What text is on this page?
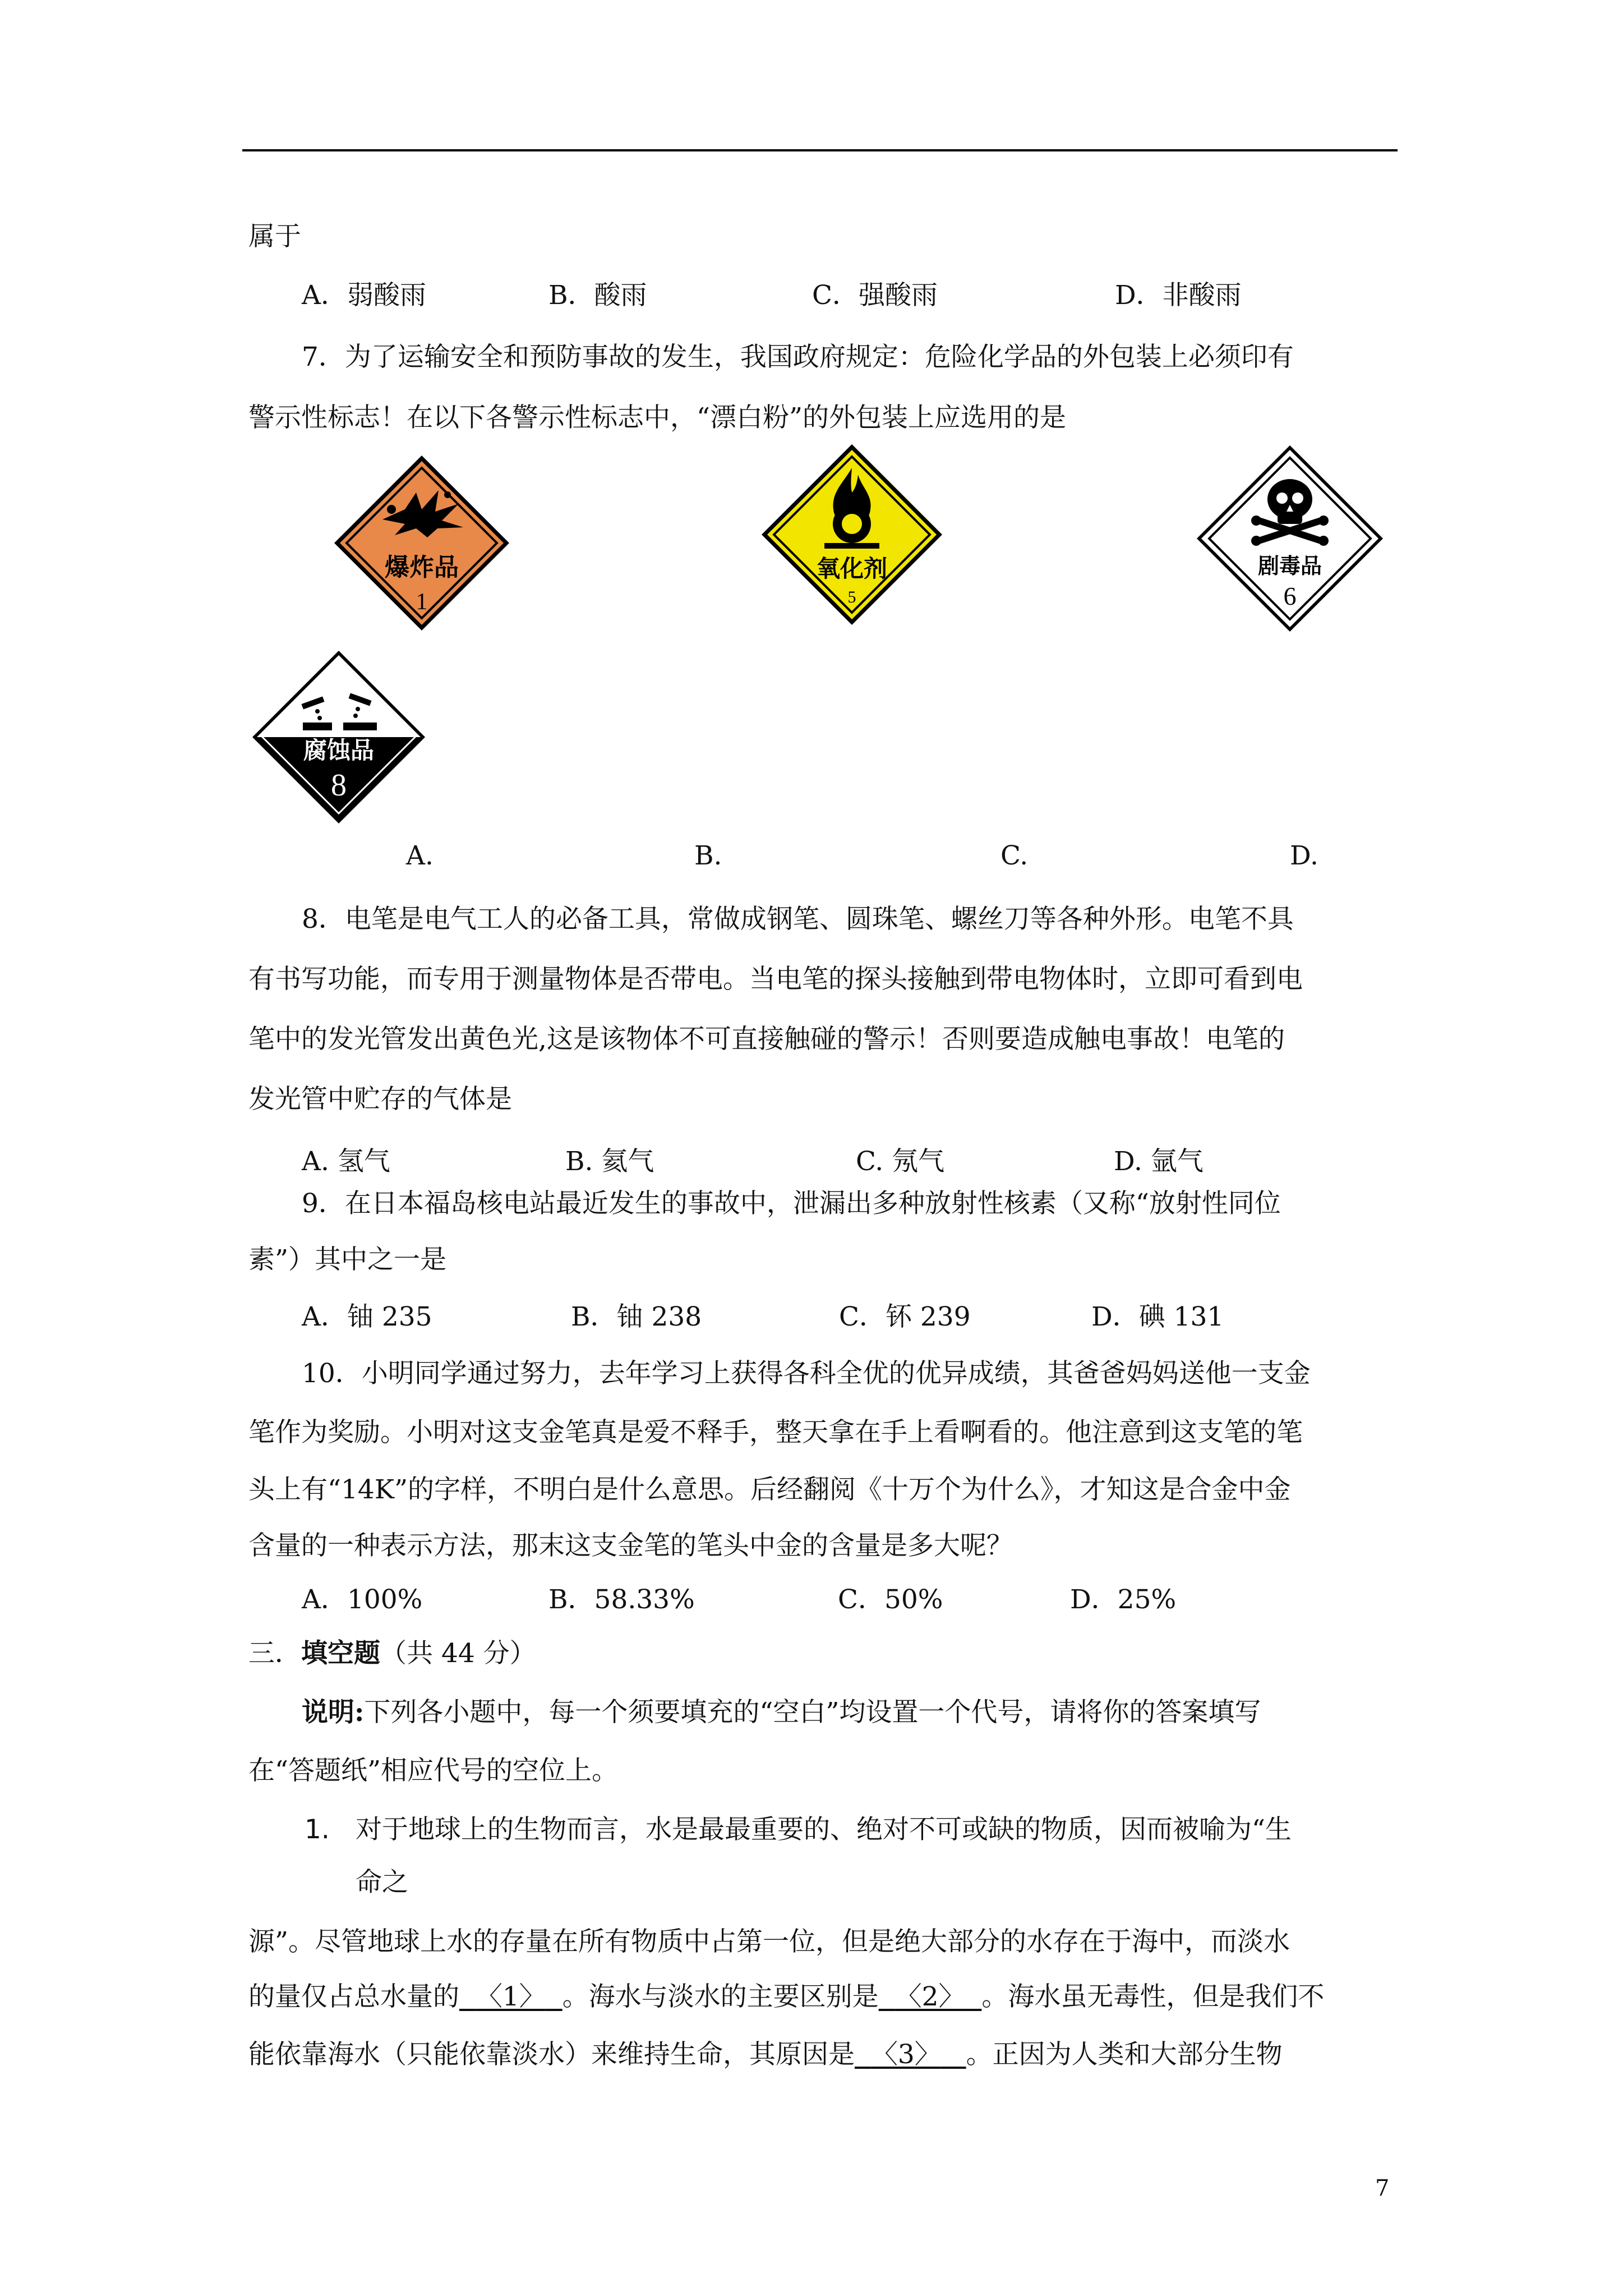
属于
A．弱酸雨	B．酸雨	C．强酸雨	D．非酸雨
7．为了运输安全和预防事故的发生，我国政府规定：危险化学品的外包装上必须印有
警示性标志！在以下各警示性标志中，“漂白粉”的外包装上应选用的是
爆炸品
1
氧化剂
5
剧毒品
6
腐蚀品
8
A.	B.	C.	D.
8．电笔是电气工人的必备工具，常做成钢笔、圆珠笔、螺丝刀等各种外形。电笔不具
有书写功能，而专用于测量物体是否带电。当电笔的探头接触到带电物体时，立即可看到电
笔中的发光管发出黄色光,这是该物体不可直接触碰的警示！否则要造成触电事故！电笔的
发光管中贮存的气体是
A. 氢气	B. 氦气	C. 氖气	D. 氩气
9．在日本福岛核电站最近发生的事故中，泄漏出多种放射性核素（又称“放射性同位
素”）其中之一是
A．铀 235	B．铀 238	C．钚 239	D．碘 131
10．小明同学通过努力，去年学习上获得各科全优的优异成绩，其爸爸妈妈送他一支金
笔作为奖励。小明对这支金笔真是爱不释手，整天拿在手上看啊看的。他注意到这支笔的笔
头上有“14K”的字样，不明白是什么意思。后经翻阅《十万个为什么》，才知这是合金中金
含量的一种表示方法，那末这支金笔的笔头中金的含量是多大呢？
A．100%	B．58.33%	C．50%	D．25%
三．填空题（共 44 分）
说明:下列各小题中，每一个须要填充的“空白”均设置一个代号，请将你的答案填写
在“答题纸”相应代号的空位上。
1. 对于地球上的生物而言，水是最最重要的、绝对不可或缺的物质，因而被喻为“生
命之
源”。尽管地球上水的存量在所有物质中占第一位，但是绝大部分的水存在于海中，而淡水
的量仅占总水量的 〈1〉 。海水与淡水的主要区别是 〈2〉 。海水虽无毒性，但是我们不
能依靠海水（只能依靠淡水）来维持生命，其原因是 〈3〉 。正因为人类和大部分生物
7
